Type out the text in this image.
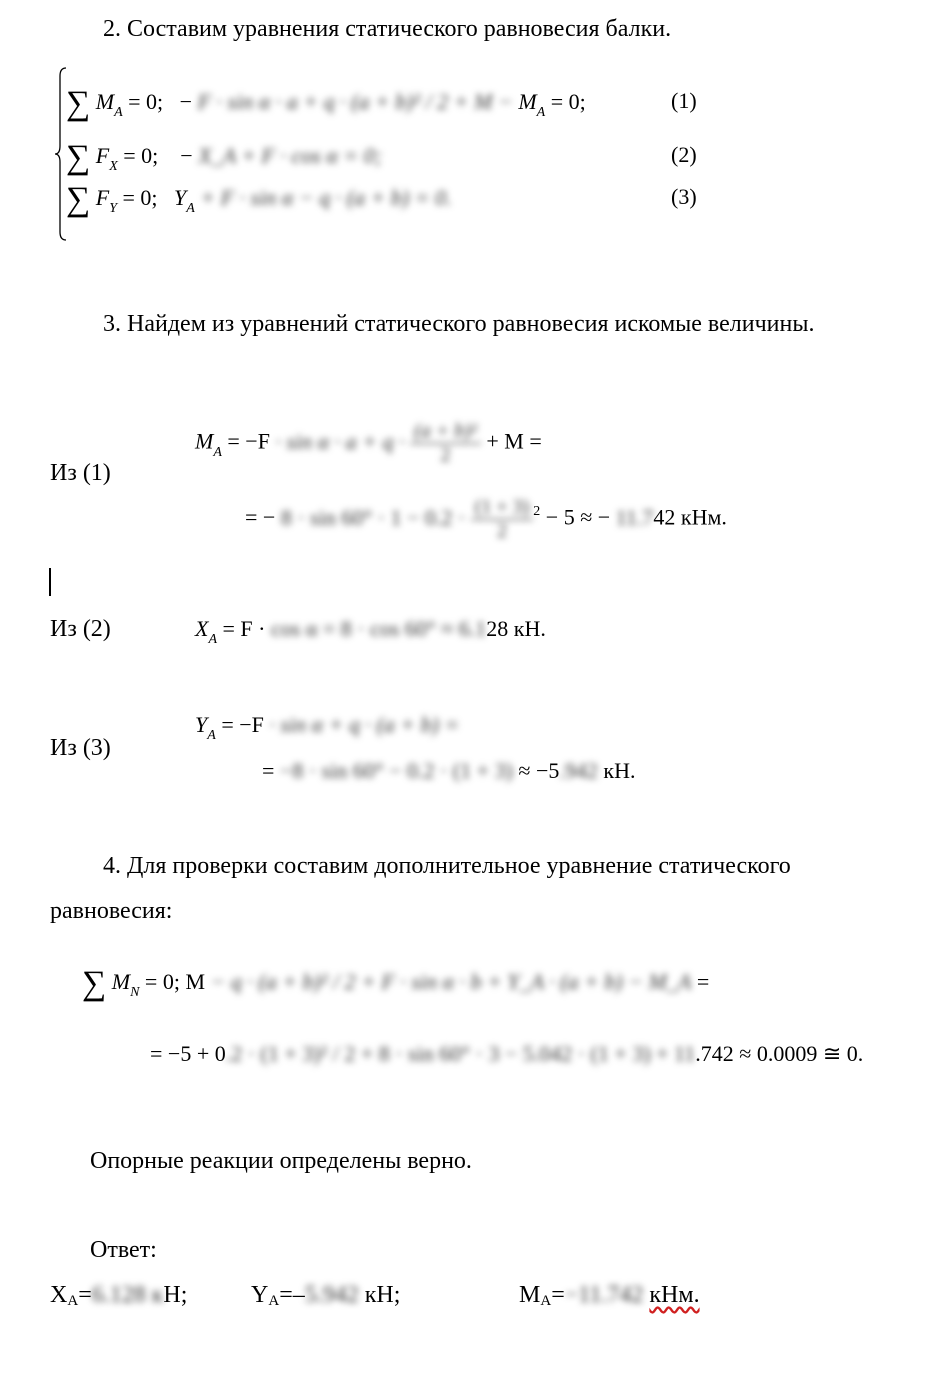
2. Составим уравнения статического равновесия балки.
∑ $M_A = 0$; − $F \cdot \sin \alpha \cdot a + q \cdot (a + b)^2 / 2 + M - M_A = 0$;	(1)
∑ $F_X = 0$; − X_A + F · cos α = 0;	(2)
∑ $F_Y = 0$; $Y_A + F \cdot \sin \alpha - q \cdot (a + b) = 0$.	(3)
3. Найдем из уравнений статического равновесия искомые величины.
Из (1)
$M_A = -F \cdot \sin \alpha \cdot a + q \cdot \frac{\text{(a + b)²}}{2} + M$ =
= − $8 \cdot \sin 60^\circ \cdot 1 - 0.2 \cdot \frac{(1 + 3)}{2} ^2 - 5$ ≈ − 11.742 кНм.
Из (2)	$X_A = F \cdot \cos \alpha = 8 \cdot \cos 60^\circ \approx 6.128$ кН.
Из (3)
$Y_A = -F \cdot \sin \alpha + q \cdot (a + b)$ =
= −8 · sin 60° − 0.2 · (1 + 3) ≈ −5.942 кН.
4. Для проверки составим дополнительное уравнение статического
равновесия:
∑ $M_N = 0$; M − q · (a + b)² / 2 + F · sin α · b + Y_A · (a + b) − M_A =
= −5 + 0.2 · (1 + 3)² / 2 + 8 · sin 60° · 3 − 5.042 · (1 + 3) + 11.742 ≈ 0.0009 ≅ 0.
Опорные реакции определены верно.
Ответ:
XA=6.128 кН;	YA=–5.942 кН;	MA=−11.742 кНм.
